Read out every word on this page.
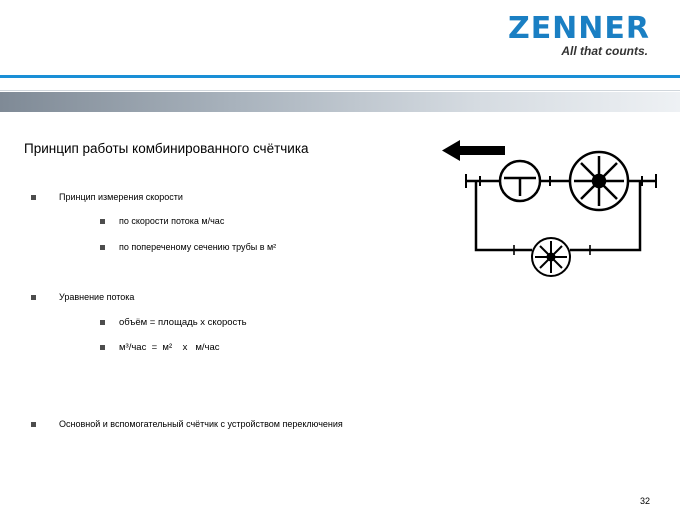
ZENNER
All that counts.
Принцип работы комбинированного счётчика
Принцип измерения скорости
по скорости потока м/час
по попереченому сечению трубы в м²
Уравнение потока
объём = площадь х скорость
м³/час  =  м²    х   м/час
Основной и вспомогательный счётчик с устройством переключения
32
